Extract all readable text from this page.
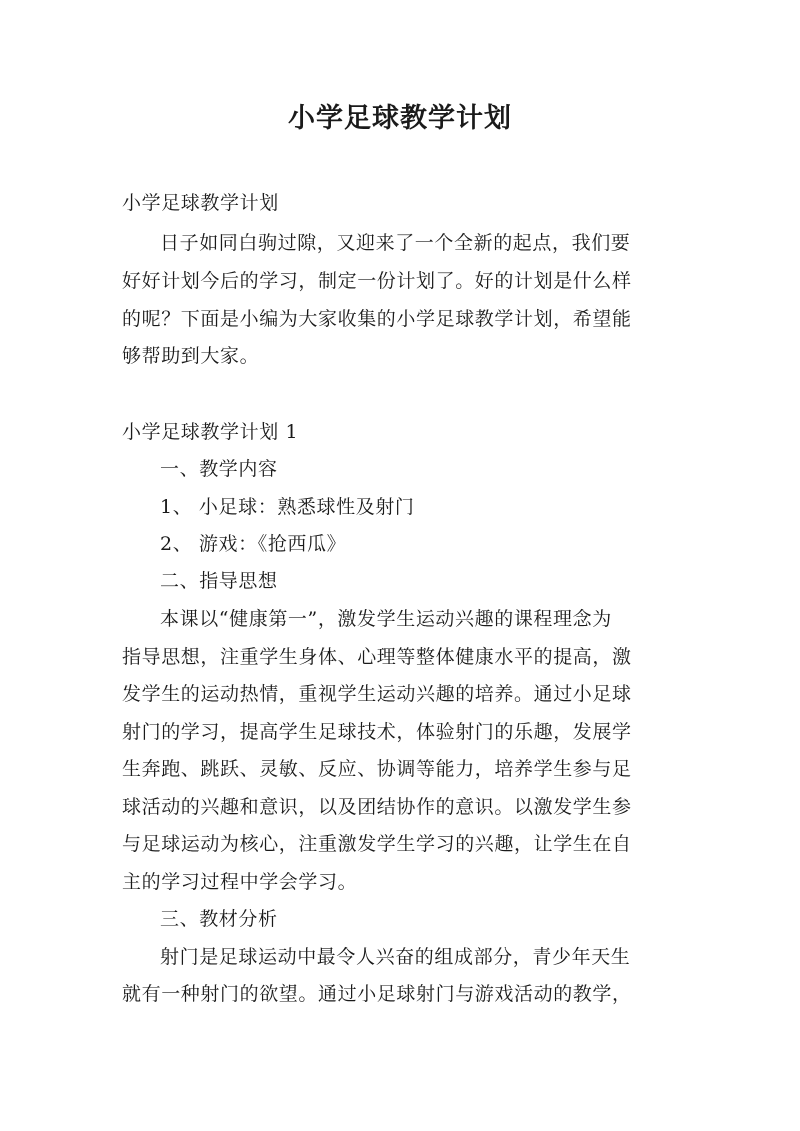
小学足球教学计划
小学足球教学计划
日子如同白驹过隙，又迎来了一个全新的起点，我们要
好好计划今后的学习，制定一份计划了。好的计划是什么样
的呢？下面是小编为大家收集的小学足球教学计划，希望能
够帮助到大家。
小学足球教学计划 1
一、教学内容
1、 小足球：熟悉球性及射门
2、 游戏：《抢西瓜》
二、指导思想
本课以“健康第一”，激发学生运动兴趣的课程理念为
指导思想，注重学生身体、心理等整体健康水平的提高，激
发学生的运动热情，重视学生运动兴趣的培养。通过小足球
射门的学习，提高学生足球技术，体验射门的乐趣，发展学
生奔跑、跳跃、灵敏、反应、协调等能力，培养学生参与足
球活动的兴趣和意识，以及团结协作的意识。以激发学生参
与足球运动为核心，注重激发学生学习的兴趣，让学生在自
主的学习过程中学会学习。
三、教材分析
射门是足球运动中最令人兴奋的组成部分，青少年天生
就有一种射门的欲望。通过小足球射门与游戏活动的教学，
